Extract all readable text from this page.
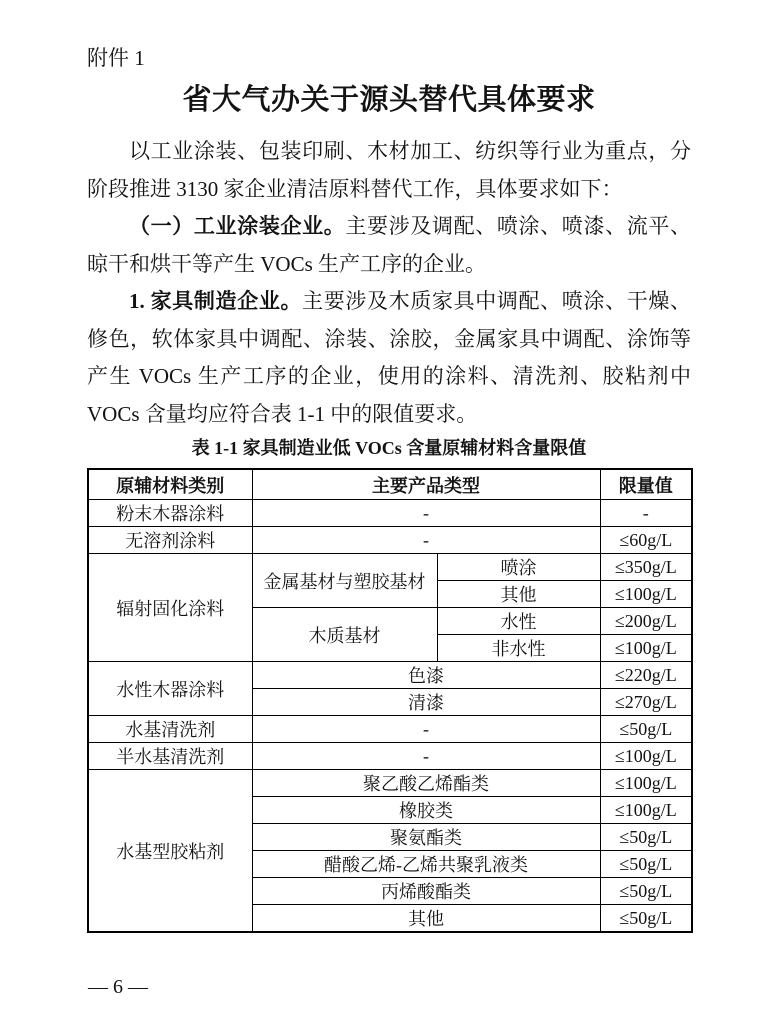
附件 1
省大气办关于源头替代具体要求

以工业涂装、包装印刷、木材加工、纺织等行业为重点，分阶段推进 3130 家企业清洁原料替代工作，具体要求如下：

（一）工业涂装企业。主要涉及调配、喷涂、喷漆、流平、晾干和烘干等产生 VOCs 生产工序的企业。

1. 家具制造企业。主要涉及木质家具中调配、喷涂、干燥、修色，软体家具中调配、涂装、涂胶，金属家具中调配、涂饰等产生 VOCs 生产工序的企业，使用的涂料、清洗剂、胶粘剂中 VOCs 含量均应符合表 1-1 中的限值要求。

表 1-1 家具制造业低 VOCs 含量原辅材料含量限值
原辅材料类别	主要产品类型		限量值
粉末木器涂料	-		-
无溶剂涂料	-		≤60g/L
辐射固化涂料	金属基材与塑胶基材	喷涂	≤350g/L
		其他	≤100g/L
	木质基材	水性	≤200g/L
		非水性	≤100g/L
水性木器涂料	色漆		≤220g/L
	清漆		≤270g/L
水基清洗剂	-		≤50g/L
半水基清洗剂	-		≤100g/L
水基型胶粘剂	聚乙酸乙烯酯类		≤100g/L
	橡胶类		≤100g/L
	聚氨酯类		≤50g/L
	醋酸乙烯-乙烯共聚乳液类		≤50g/L
	丙烯酸酯类		≤50g/L
	其他		≤50g/L
— 6 —
